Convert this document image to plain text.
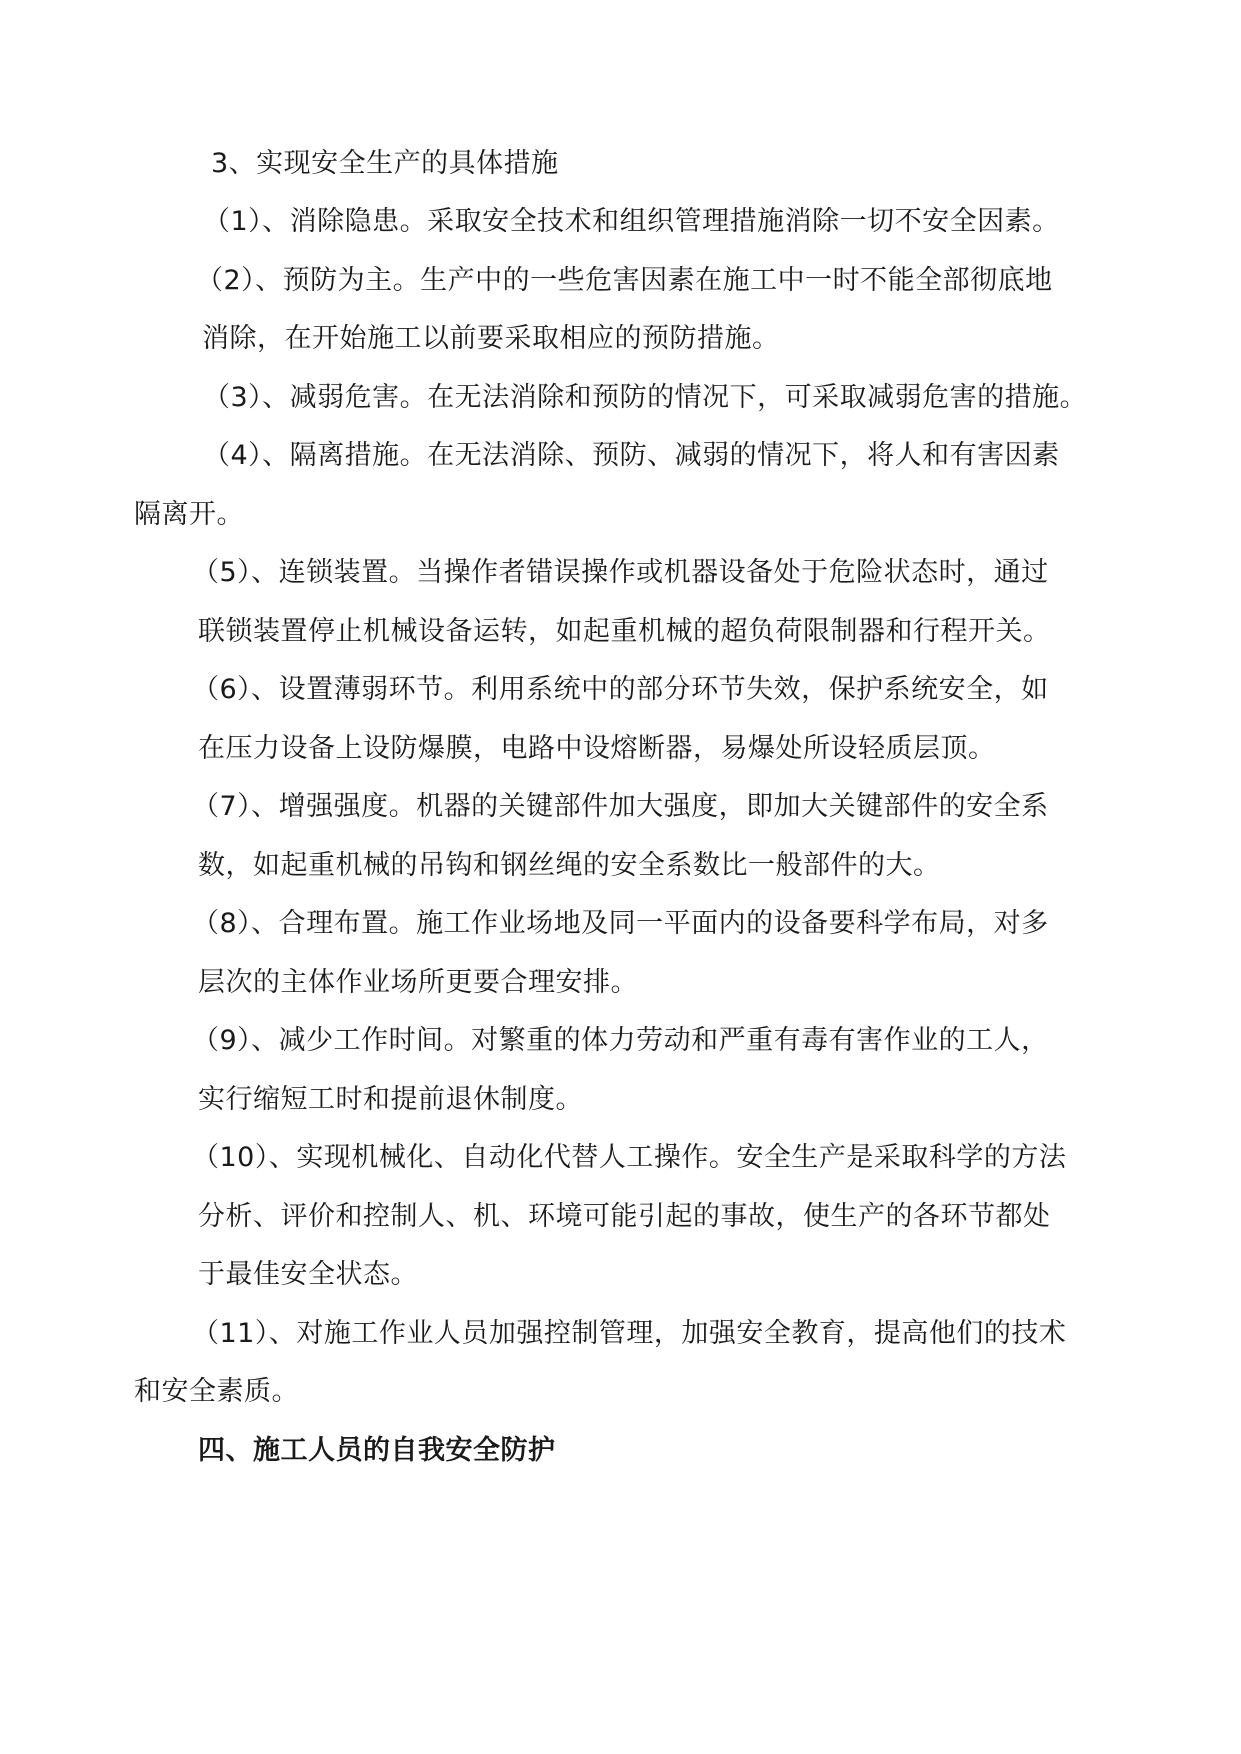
3、实现安全生产的具体措施

（1）、消除隐患。采取安全技术和组织管理措施消除一切不安全因素。

（2）、预防为主。生产中的一些危害因素在施工中一时不能全部彻底地

消除，在开始施工以前要采取相应的预防措施。

（3）、减弱危害。在无法消除和预防的情况下，可采取减弱危害的措施。

（4）、隔离措施。在无法消除、预防、减弱的情况下，将人和有害因素

隔离开。

（5）、连锁装置。当操作者错误操作或机器设备处于危险状态时，通过

联锁装置停止机械设备运转，如起重机械的超负荷限制器和行程开关。

（6）、设置薄弱环节。利用系统中的部分环节失效，保护系统安全，如

在压力设备上设防爆膜，电路中设熔断器，易爆处所设轻质层顶。

（7）、增强强度。机器的关键部件加大强度，即加大关键部件的安全系

数，如起重机械的吊钩和钢丝绳的安全系数比一般部件的大。

（8）、合理布置。施工作业场地及同一平面内的设备要科学布局，对多

层次的主体作业场所更要合理安排。

（9）、减少工作时间。对繁重的体力劳动和严重有毒有害作业的工人，

实行缩短工时和提前退休制度。

（10）、实现机械化、自动化代替人工操作。安全生产是采取科学的方法

分析、评价和控制人、机、环境可能引起的事故，使生产的各环节都处

于最佳安全状态。

（11）、对施工作业人员加强控制管理，加强安全教育，提高他们的技术

和安全素质。

四、施工人员的自我安全防护
